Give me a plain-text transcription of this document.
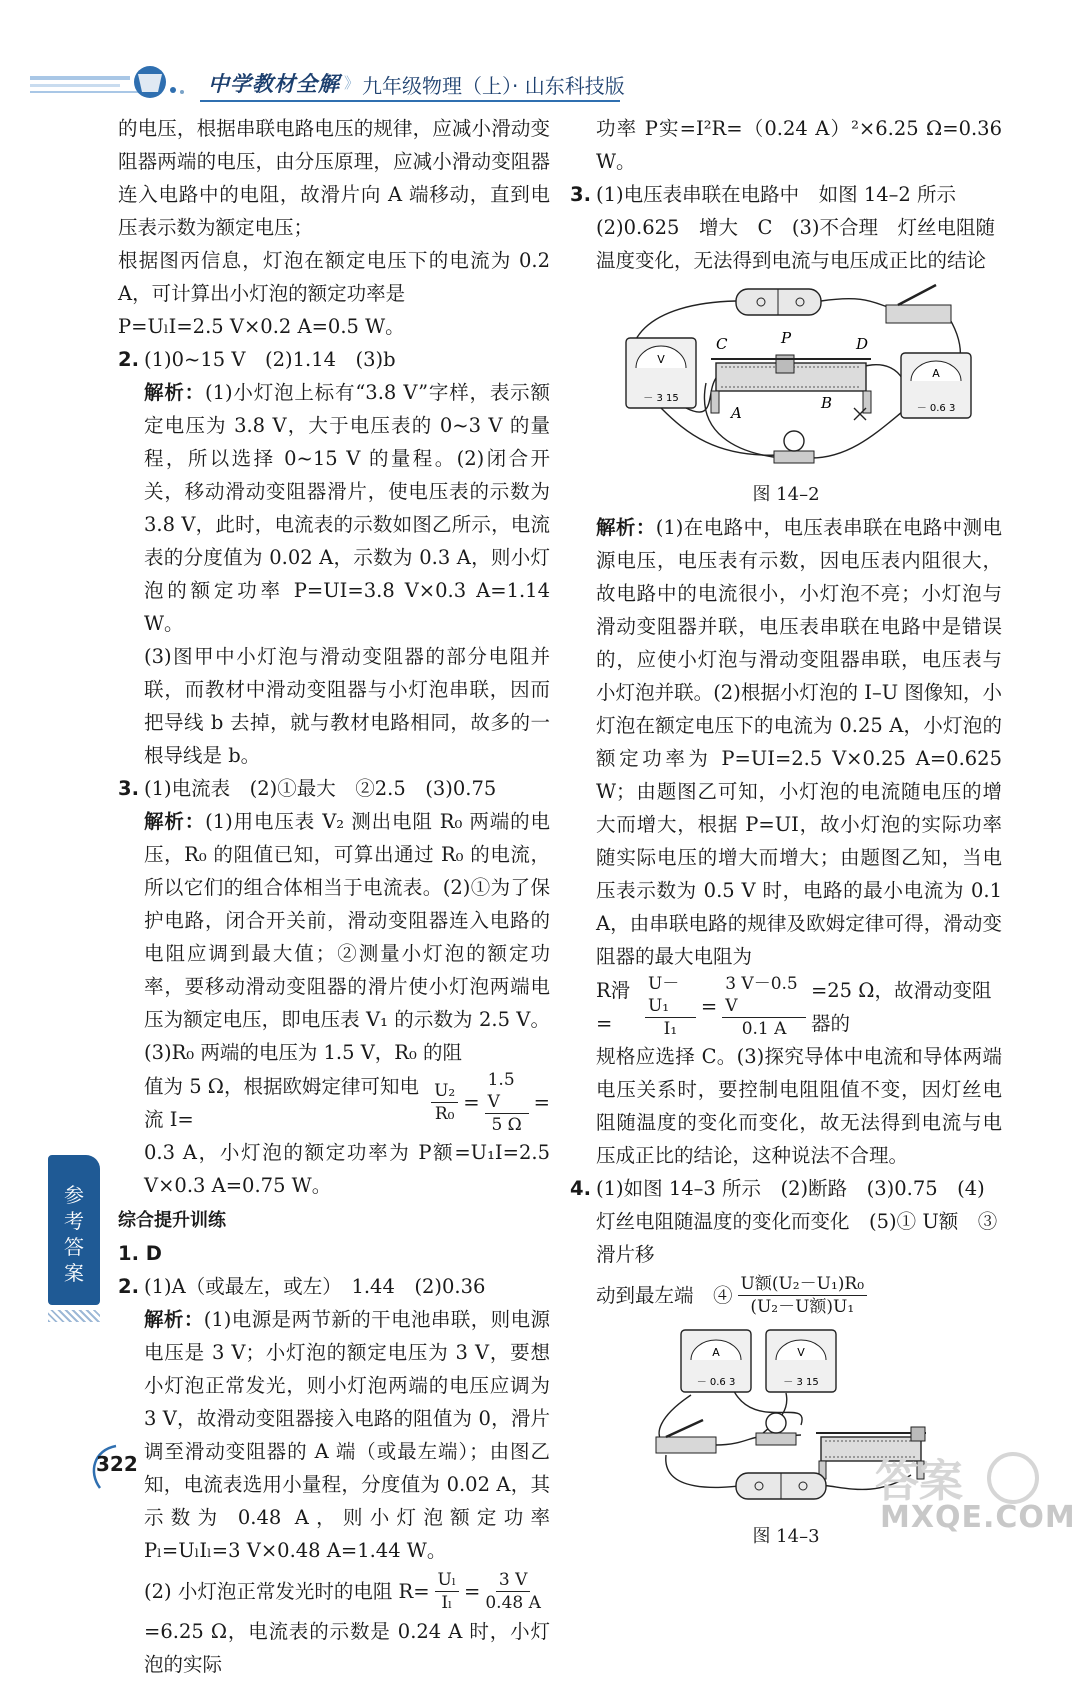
中学教材全解 》 九年级物理（上）· 山东科技版

的电压，根据串联电路电压的规律，应减小滑动变阻器两端的电压，由分压原理，应减小滑动变阻器连入电路中的电阻，故滑片向 A 端移动，直到电压表示数为额定电压；

根据图丙信息，灯泡在额定电压下的电流为 0.2 A，可计算出小灯泡的额定功率是

P=UₗI=2.5 V×0.2 A=0.5 W。

2. (1)0~15 V　(2)1.14　(3)b

解析：(1)小灯泡上标有“3.8 V”字样，表示额定电压为 3.8 V，大于电压表的 0~3 V 的量程，所以选择 0~15 V 的量程。(2)闭合开关，移动滑动变阻器滑片，使电压表的示数为 3.8 V，此时，电流表的示数如图乙所示，电流表的分度值为 0.02 A，示数为 0.3 A，则小灯泡的额定功率 P=UI=3.8 V×0.3 A=1.14 W。

(3)图甲中小灯泡与滑动变阻器的部分电阻并联，而教材中滑动变阻器与小灯泡串联，因而把导线 b 去掉，就与教材电路相同，故多的一根导线是 b。

3. (1)电流表　(2)①最大　②2.5　(3)0.75

解析：(1)用电压表 V₂ 测出电阻 R₀ 两端的电压，R₀ 的阻值已知，可算出通过 R₀ 的电流，所以它们的组合体相当于电流表。(2)①为了保护电路，闭合开关前，滑动变阻器连入电路的电阻应调到最大值；②测量小灯泡的额定功率，要移动滑动变阻器的滑片使小灯泡两端电压为额定电压，即电压表 V₁ 的示数为 2.5 V。(3)R₀ 两端的电压为 1.5 V，R₀ 的阻

值为 5 Ω，根据欧姆定律可知电流 I=	$\frac{\text{U₂}}{\text{R₀}} = \frac{1.5 V}{5 \Omega}$ =

0.3 A，小灯泡的额定功率为 P额=U₁I=2.5 V×0.3 A=0.75 W。

综合提升训练

1. D

2. (1)A（或最左，或左）　1.44　(2)0.36

解析：(1)电源是两节新的干电池串联，则电源电压是 3 V；小灯泡的额定电压为 3 V，要想小灯泡正常发光，则小灯泡两端的电压应调为 3 V，故滑动变阻器接入电路的阻值为 0，滑片调至滑动变阻器的 A 端（或最左端）；由图乙知，电流表选用小量程，分度值为 0.02 A，其示数为 0.48 A，则小灯泡额定功率 Pₗ=UₗIₗ=3 V×0.48 A=1.44 W。

(2) 小灯泡正常发光时的电阻 $R= \frac{\text{Uₗ}}{\text{Iₗ}} = \frac{3 V}{0.48 A}$

=6.25 Ω，电流表的示数是 0.24 A 时，小灯泡的实际

功率 P实=I²R=（0.24 A）²×6.25 Ω=0.36 W。

3. (1)电压表串联在电路中　如图 14–2 所示　(2)0.625　增大　C　(3)不合理　灯丝电阻随温度变化，无法得到电流与电压成正比的结论
V
－ 3 15
A
－ 0.6 3
C	P	D
A
B
图 14–2

解析：(1)在电路中，电压表串联在电路中测电源电压，电压表有示数，因电压表内阻很大，故电路中的电流很小，小灯泡不亮；小灯泡与滑动变阻器并联，电压表串联在电路中是错误的，应使小灯泡与滑动变阻器串联，电压表与小灯泡并联。(2)根据小灯泡的 I–U 图像知，小灯泡在额定电压下的电流为 0.25 A，小灯泡的额定功率为 P=UI=2.5 V×0.25 A=0.625 W；由题图乙可知，小灯泡的电流随电压的增大而增大，根据 P=UI，故小灯泡的实际功率随实际电压的增大而增大；由题图乙知，当电压表示数为 0.5 V 时，电路的最小电流为 0.1 A，由串联电路的规律及欧姆定律可得，滑动变阻器的最大电阻为

R滑=	$\frac{\text{U－U₁}}{\text{I₁}} = \frac{3 V-0.5 V}{0.1 A} =25$ Ω，故滑动变阻器的

规格应选择 C。(3)探究导体中电流和导体两端电压关系时，要控制电阻阻值不变，因灯丝电阻随温度的变化而变化，故无法得到电流与电压成正比的结论，这种说法不合理。

4. (1)如图 14–3 所示　(2)断路　(3)0.75　(4)灯丝电阻随温度的变化而变化　(5)① U额　③滑片移
动到最左端　④ $\frac{\text{U额(U₂－U₁)R₀}}{\text{(U₂－U额)U₁}}$
A
－ 0.6 3
V
－ 3 15
图 14–3
参考答案
322	答案
MXQE.COM
